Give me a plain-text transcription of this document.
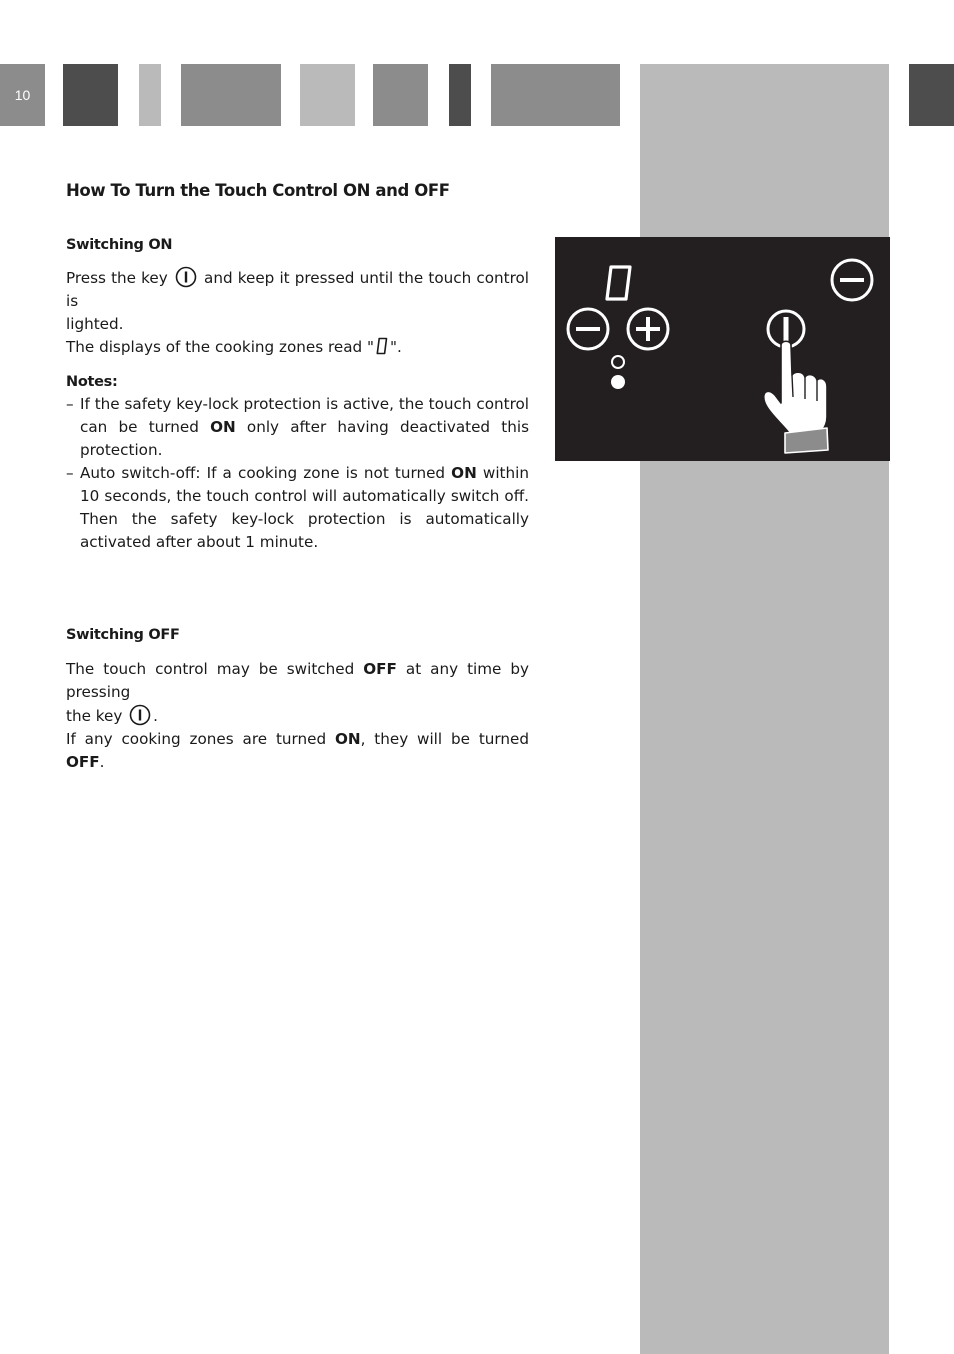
10
How To Turn the Touch Control ON and OFF
Switching ON

Press the key and keep it pressed until the touch control is

lighted.

The displays of the cooking zones read " ".

Notes:
– If the safety key-lock protection is active, the touch control can be turned ON only after having deactivated this protection.
– Auto switch-off: If a cooking zone is not turned ON within 10 seconds, the touch control will automatically switch off. Then the safety key-lock protection is automatically activated after about 1 minute.
Switching OFF

The touch control may be switched OFF at any time by pressing

the key .

If any cooking zones are turned ON, they will be turned OFF.
